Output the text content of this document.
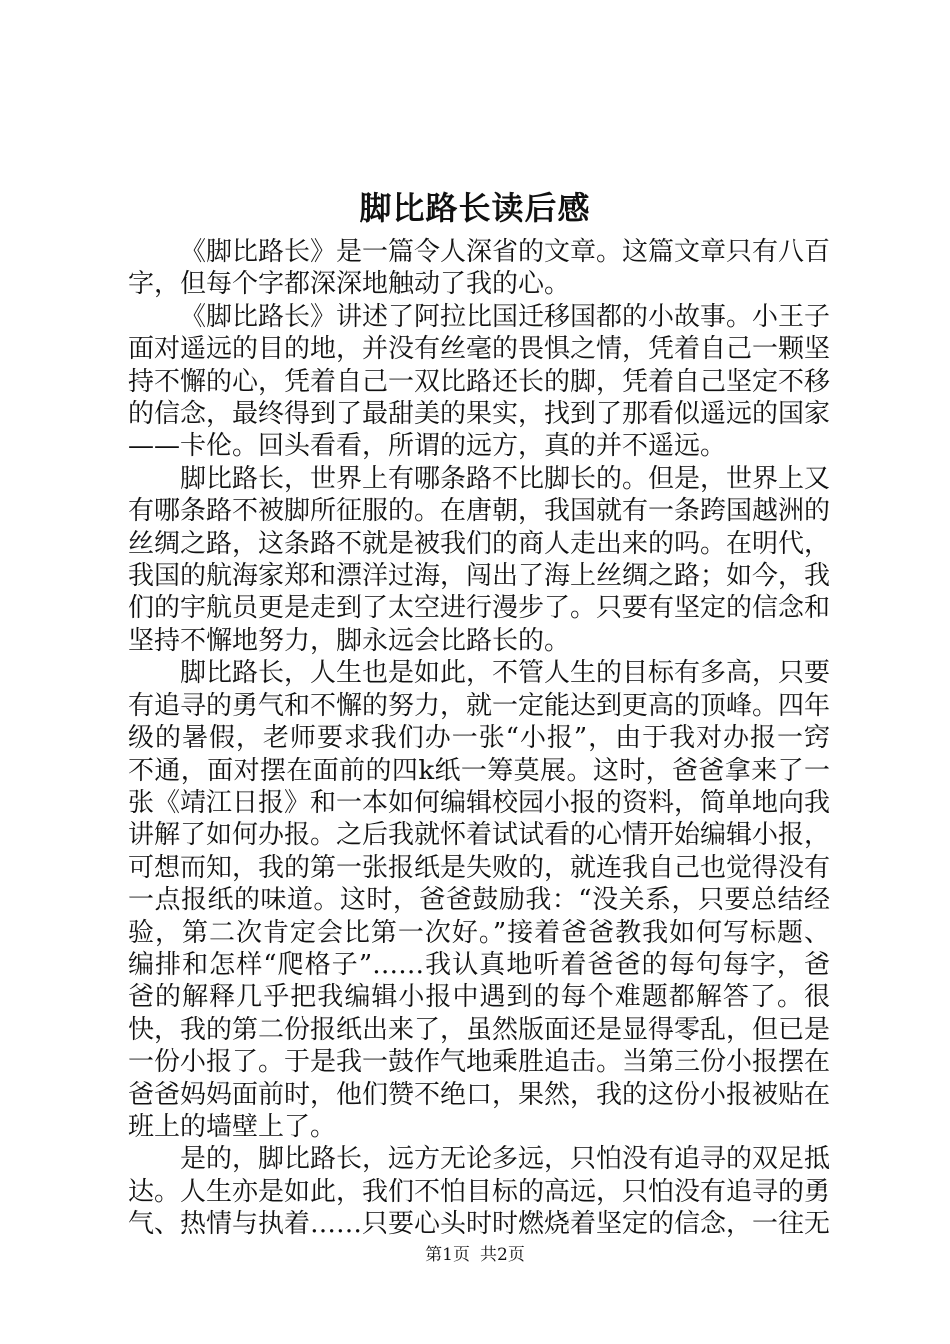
脚比路长读后感

《脚比路长》是一篇令人深省的文章。这篇文章只有八百字，但每个字都深深地触动了我的心。

《脚比路长》讲述了阿拉比国迁移国都的小故事。小王子面对遥远的目的地，并没有丝毫的畏惧之情，凭着自己一颗坚持不懈的心，凭着自己一双比路还长的脚，凭着自己坚定不移的信念，最终得到了最甜美的果实，找到了那看似遥远的国家——卡伦。回头看看，所谓的远方，真的并不遥远。

脚比路长，世界上有哪条路不比脚长的。但是，世界上又有哪条路不被脚所征服的。在唐朝，我国就有一条跨国越洲的丝绸之路，这条路不就是被我们的商人走出来的吗。在明代，我国的航海家郑和漂洋过海，闯出了海上丝绸之路；如今，我们的宇航员更是走到了太空进行漫步了。只要有坚定的信念和坚持不懈地努力，脚永远会比路长的。

脚比路长，人生也是如此，不管人生的目标有多高，只要有追寻的勇气和不懈的努力，就一定能达到更高的顶峰。四年级的暑假，老师要求我们办一张“小报”，由于我对办报一窍不通，面对摆在面前的四k纸一筹莫展。这时，爸爸拿来了一张《靖江日报》和一本如何编辑校园小报的资料，简单地向我讲解了如何办报。之后我就怀着试试看的心情开始编辑小报，可想而知，我的第一张报纸是失败的，就连我自己也觉得没有一点报纸的味道。这时，爸爸鼓励我：“没关系，只要总结经验，第二次肯定会比第一次好。”接着爸爸教我如何写标题、编排和怎样“爬格子”……我认真地听着爸爸的每句每字，爸爸的解释几乎把我编辑小报中遇到的每个难题都解答了。很快，我的第二份报纸出来了，虽然版面还是显得零乱，但已是一份小报了。于是我一鼓作气地乘胜追击。当第三份小报摆在爸爸妈妈面前时，他们赞不绝口，果然，我的这份小报被贴在班上的墙壁上了。

是的，脚比路长，远方无论多远，只怕没有追寻的双足抵达。人生亦是如此，我们不怕目标的高远，只怕没有追寻的勇气、热情与执着……只要心头时时燃烧着坚定的信念，一往无

第1页 共2页
